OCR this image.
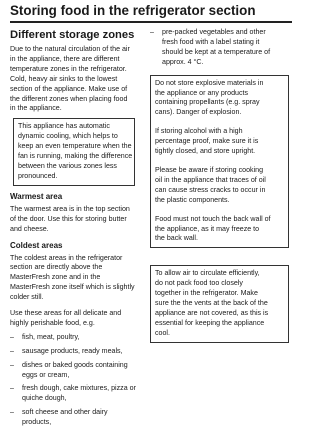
Storing food in the refrigerator section
Different storage zones
Due to the natural circulation of the air
in the appliance, there are different
temperature zones in the refrigerator.
Cold, heavy air sinks to the lowest
section of the appliance. Make use of
the different zones when placing food
in the appliance.
This appliance has automatic
dynamic cooling, which helps to
keep an even temperature when the
fan is running, making the difference
between the various zones less
pronounced.
Warmest area
The warmest area is in the top section
of the door. Use this for storing butter
and cheese.
Coldest areas
The coldest areas in the refrigerator
section are directly above the
MasterFresh zone and in the
MasterFresh zone itself which is slightly
colder still.
Use these areas for all delicate and
highly perishable food, e.g.
– fish, meat, poultry,
– sausage products, ready meals,
– dishes or baked goods containing
eggs or cream,
– fresh dough, cake mixtures, pizza or
quiche dough,
– soft cheese and other dairy
products,
– pre-packed vegetables and other
fresh food with a label stating it
should be kept at a temperature of
approx. 4 °C.
Do not store explosive materials in
the appliance or any products
containing propellants (e.g. spray
cans). Danger of explosion.
If storing alcohol with a high
percentage proof, make sure it is
tightly closed, and store upright.
Please be aware if storing cooking
oil in the appliance that traces of oil
can cause stress cracks to occur in
the plastic components.
Food must not touch the back wall of
the appliance, as it may freeze to
the back wall.
To allow air to circulate efficiently,
do not pack food too closely
together in the refrigerator. Make
sure the the vents at the back of the
appliance are not covered, as this is
essential for keeping the appliance
cool.
